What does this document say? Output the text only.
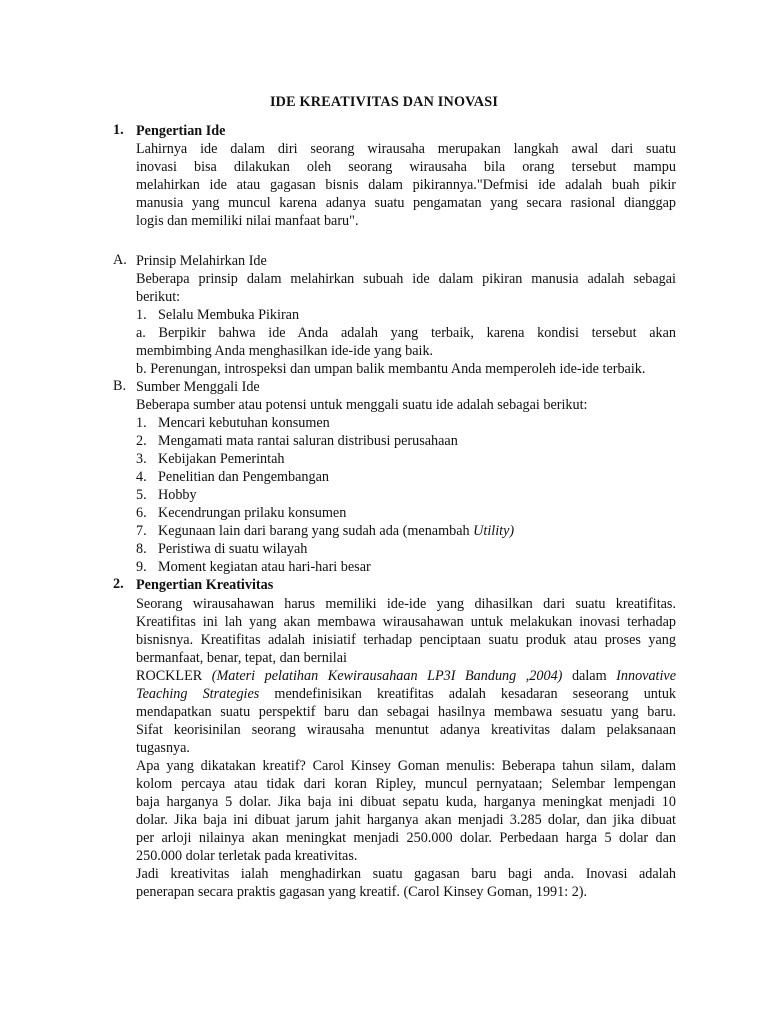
IDE KREATIVITAS DAN INOVASI
1. Pengertian Ide
Lahirnya ide dalam diri seorang wirausaha merupakan langkah awal dari suatu
inovasi bisa dilakukan oleh seorang wirausaha bila orang tersebut mampu
melahirkan ide atau gagasan bisnis dalam pikirannya."Defmisi ide adalah buah pikir
manusia yang muncul karena adanya suatu pengamatan yang secara rasional dianggap
logis dan memiliki nilai manfaat baru".
A. Prinsip Melahirkan Ide
Beberapa prinsip dalam melahirkan subuah ide dalam pikiran manusia adalah sebagai
berikut:
1. Selalu Membuka Pikiran
a. Berpikir bahwa ide Anda adalah yang terbaik, karena kondisi tersebut akan
membimbing Anda menghasilkan ide-ide yang baik.
b. Perenungan, introspeksi dan umpan balik membantu Anda memperoleh ide-ide terbaik.
B. Sumber Menggali Ide
Beberapa sumber atau potensi untuk menggali suatu ide adalah sebagai berikut:
1. Mencari kebutuhan konsumen
2. Mengamati mata rantai saluran distribusi perusahaan
3. Kebijakan Pemerintah
4. Penelitian dan Pengembangan
5. Hobby
6. Kecendrungan prilaku konsumen
7. Kegunaan lain dari barang yang sudah ada (menambah Utility)
8. Peristiwa di suatu wilayah
9. Moment kegiatan atau hari-hari besar
2. Pengertian Kreativitas
Seorang wirausahawan harus memiliki ide-ide yang dihasilkan dari suatu kreatifitas.
Kreatifitas ini lah yang akan membawa wirausahawan untuk melakukan inovasi terhadap
bisnisnya. Kreatifitas adalah inisiatif terhadap penciptaan suatu produk atau proses yang
bermanfaat, benar, tepat, dan bernilai
ROCKLER (Materi pelatihan Kewirausahaan LP3I Bandung ,2004) dalam Innovative
Teaching Strategies mendefinisikan kreatifitas adalah kesadaran seseorang untuk
mendapatkan suatu perspektif baru dan sebagai hasilnya membawa sesuatu yang baru.
Sifat keorisinilan seorang wirausaha menuntut adanya kreativitas dalam pelaksanaan
tugasnya.
Apa yang dikatakan kreatif? Carol Kinsey Goman menulis: Beberapa tahun silam, dalam
kolom percaya atau tidak dari koran Ripley, muncul pernyataan; Selembar lempengan
baja harganya 5 dolar. Jika baja ini dibuat sepatu kuda, harganya meningkat menjadi 10
dolar. Jika baja ini dibuat jarum jahit harganya akan menjadi 3.285 dolar, dan jika dibuat
per arloji nilainya akan meningkat menjadi 250.000 dolar. Perbedaan harga 5 dolar dan
250.000 dolar terletak pada kreativitas.
Jadi kreativitas ialah menghadirkan suatu gagasan baru bagi anda. Inovasi adalah
penerapan secara praktis gagasan yang kreatif. (Carol Kinsey Goman, 1991: 2).
